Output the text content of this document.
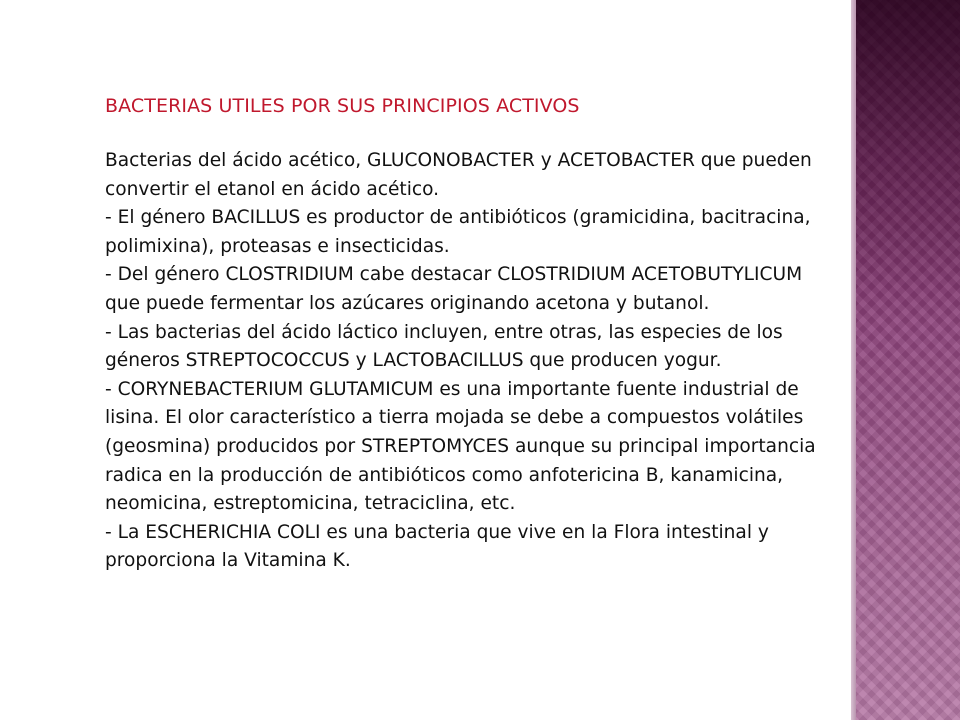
BACTERIAS UTILES POR SUS PRINCIPIOS ACTIVOS

Bacterias del ácido acético, GLUCONOBACTER y ACETOBACTER que pueden convertir el etanol en ácido acético.

- El género BACILLUS es productor de antibióticos (gramicidina, bacitracina, polimixina), proteasas e insecticidas.

- Del género CLOSTRIDIUM cabe destacar CLOSTRIDIUM ACETOBUTYLICUM que puede fermentar los azúcares originando acetona y butanol.

- Las bacterias del ácido láctico incluyen, entre otras, las especies de los géneros STREPTOCOCCUS y LACTOBACILLUS que producen yogur.

- CORYNEBACTERIUM GLUTAMICUM es una importante fuente industrial de lisina. El olor característico a tierra mojada se debe a compuestos volátiles (geosmina) producidos por STREPTOMYCES aunque su principal importancia radica en la producción de antibióticos como anfotericina B, kanamicina, neomicina, estreptomicina, tetraciclina, etc.

- La ESCHERICHIA COLI es una bacteria que vive en la Flora intestinal y proporciona la Vitamina K.
